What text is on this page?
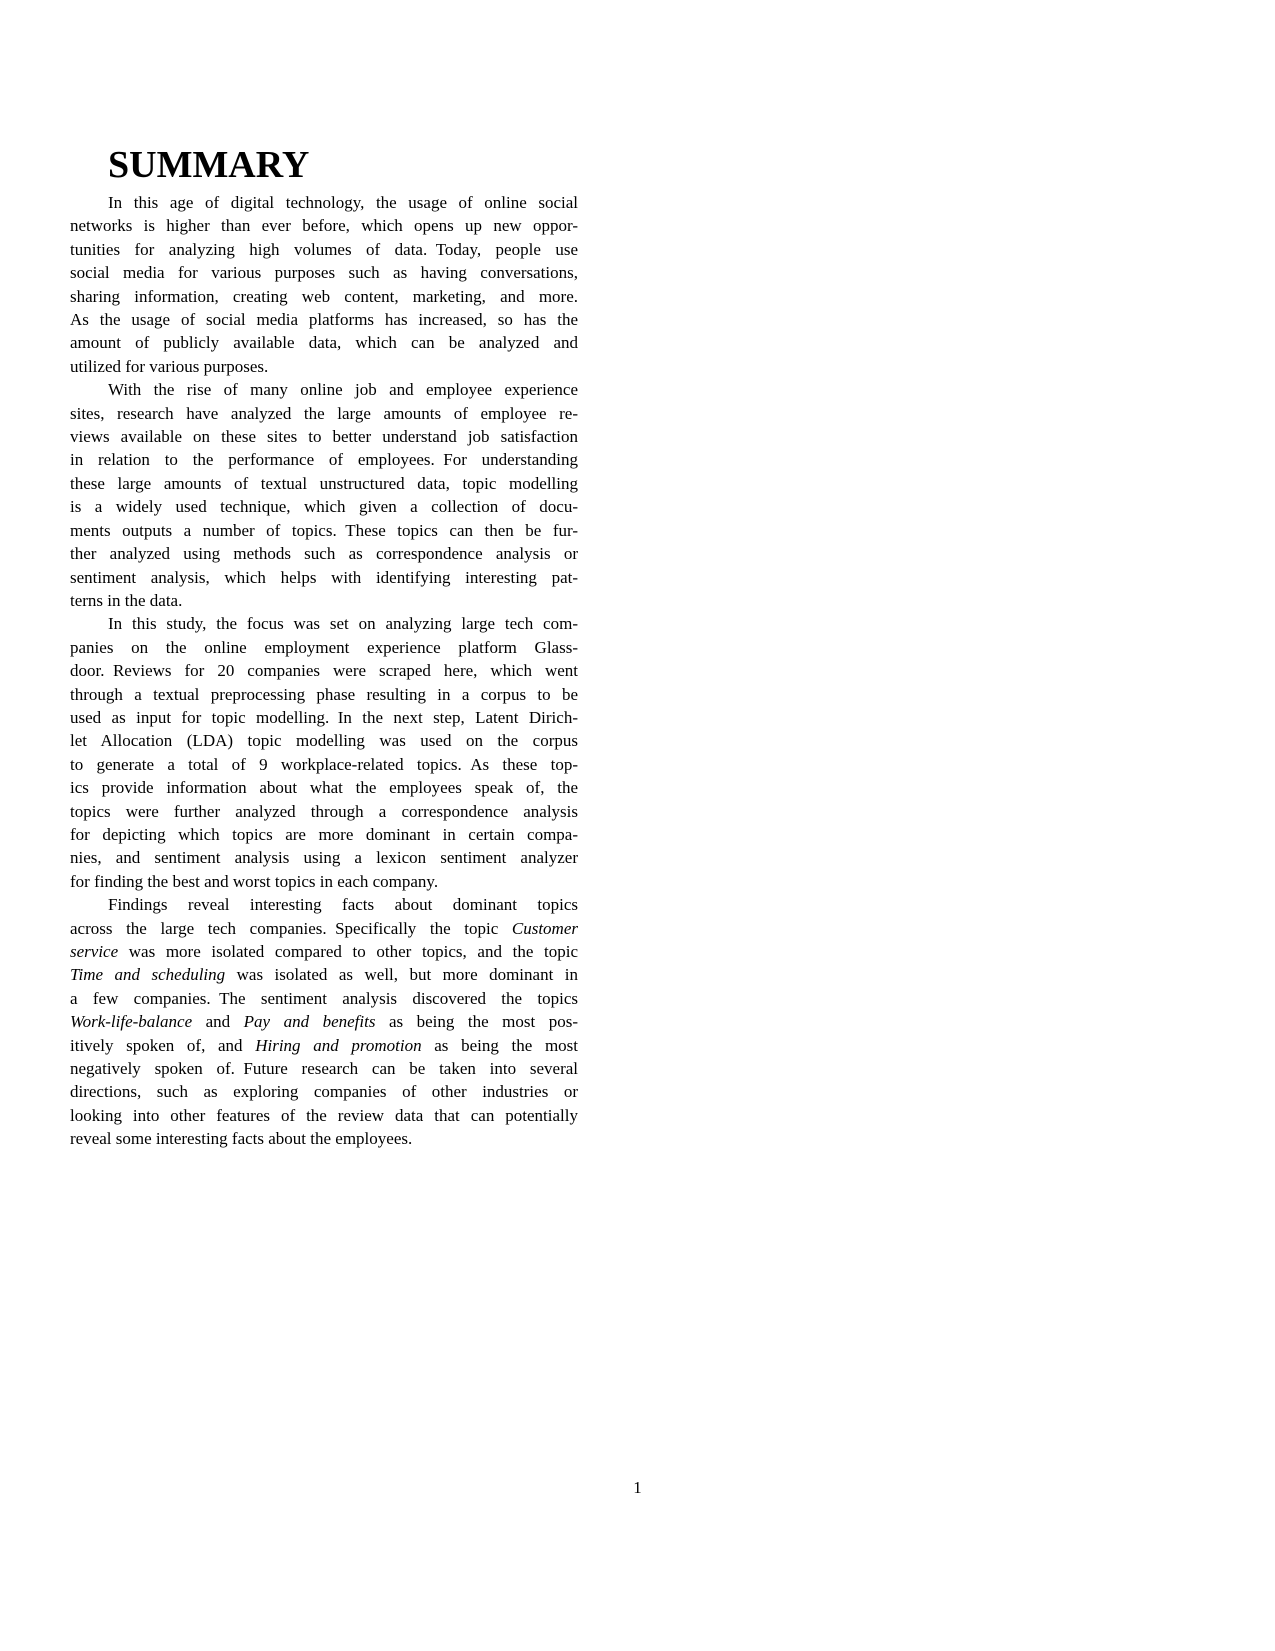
SUMMARY
In this age of digital technology, the usage of online social
networks is higher than ever before, which opens up new oppor-
tunities for analyzing high volumes of data. Today, people use
social media for various purposes such as having conversations,
sharing information, creating web content, marketing, and more.
As the usage of social media platforms has increased, so has the
amount of publicly available data, which can be analyzed and
utilized for various purposes.
With the rise of many online job and employee experience
sites, research have analyzed the large amounts of employee re-
views available on these sites to better understand job satisfaction
in relation to the performance of employees. For understanding
these large amounts of textual unstructured data, topic modelling
is a widely used technique, which given a collection of docu-
ments outputs a number of topics. These topics can then be fur-
ther analyzed using methods such as correspondence analysis or
sentiment analysis, which helps with identifying interesting pat-
terns in the data.
In this study, the focus was set on analyzing large tech com-
panies on the online employment experience platform Glass-
door. Reviews for 20 companies were scraped here, which went
through a textual preprocessing phase resulting in a corpus to be
used as input for topic modelling. In the next step, Latent Dirich-
let Allocation (LDA) topic modelling was used on the corpus
to generate a total of 9 workplace-related topics. As these top-
ics provide information about what the employees speak of, the
topics were further analyzed through a correspondence analysis
for depicting which topics are more dominant in certain compa-
nies, and sentiment analysis using a lexicon sentiment analyzer
for finding the best and worst topics in each company.
Findings reveal interesting facts about dominant topics
across the large tech companies. Specifically the topic Customer
service was more isolated compared to other topics, and the topic
Time and scheduling was isolated as well, but more dominant in
a few companies. The sentiment analysis discovered the topics
Work-life-balance and Pay and benefits as being the most pos-
itively spoken of, and Hiring and promotion as being the most
negatively spoken of. Future research can be taken into several
directions, such as exploring companies of other industries or
looking into other features of the review data that can potentially
reveal some interesting facts about the employees.
1
